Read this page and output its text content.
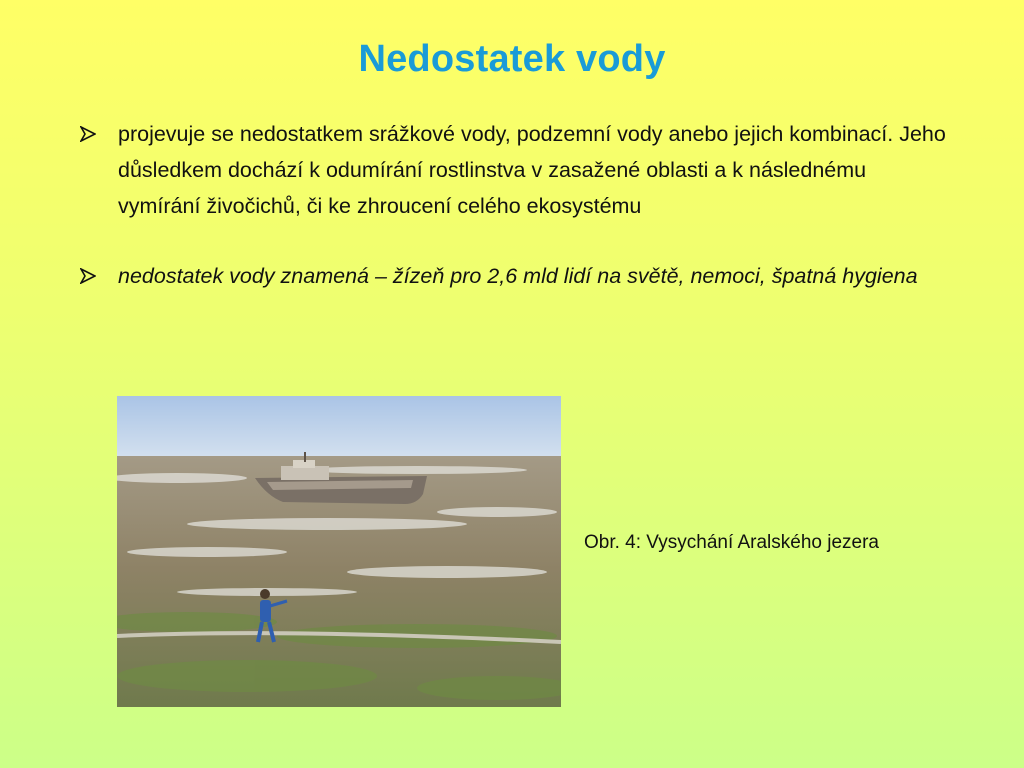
Nedostatek vody
projevuje se nedostatkem srážkové vody, podzemní vody anebo jejich kombinací. Jeho důsledkem dochází k odumírání rostlinstva v zasažené oblasti a k následnému vymírání živočichů, či ke zhroucení celého ekosystému
nedostatek vody znamená – žízeň pro 2,6 mld lidí na světě, nemoci, špatná hygiena
Obr. 4: Vysychání Aralského jezera
